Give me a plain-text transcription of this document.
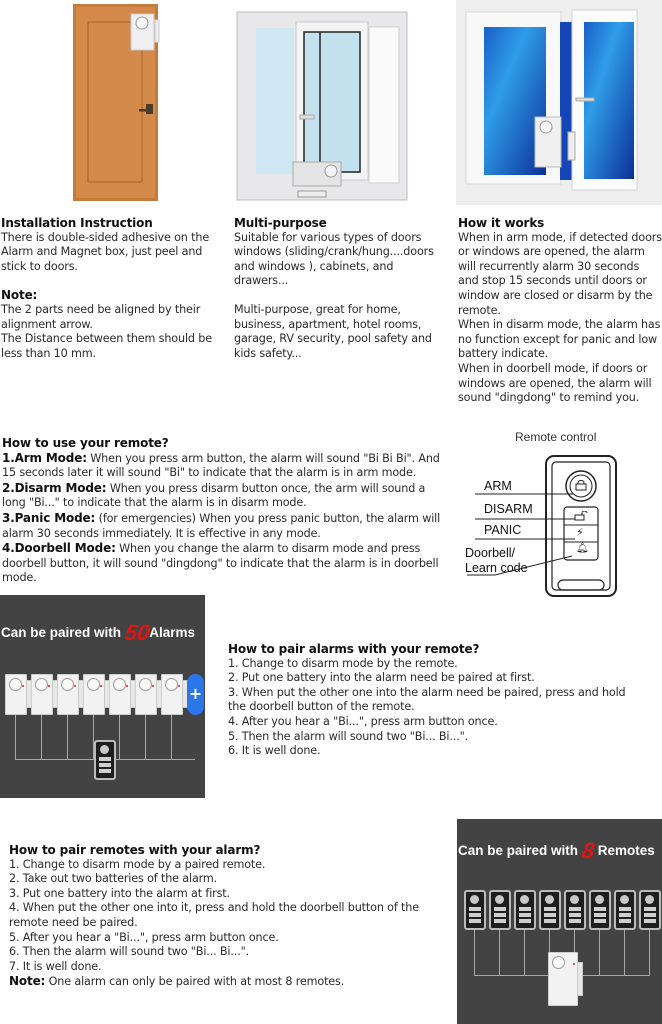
Installation Instruction

There is double-sided adhesive on the Alarm and Magnet box, just peel and stick to doors.

Note:

The 2 parts need be aligned by their alignment arrow.

The Distance between them should be less than 10 mm.

Multi-purpose

Suitable for various types of doors windows (sliding/crank/hung....doors and windows ), cabinets, and drawers...

Multi-purpose, great for home, business, apartment, hotel rooms, garage, RV security, pool safety and kids safety...

How it works

When in arm mode, if detected doors or windows are opened, the alarm will recurrently alarm 30 seconds and stop 15 seconds until doors or window are closed or disarm by the remote.

When in disarm mode, the alarm has no function except for panic and low battery indicate.

When in doorbell mode, if doors or windows are opened, the alarm will sound "dingdong" to remind you.

How to use your remote?

1.Arm Mode: When you press arm button, the alarm will sound "Bi Bi Bi". And 15 seconds later it will sound "Bi" to indicate that the alarm is in arm mode.

2.Disarm Mode: When you press disarm button once, the arm will sound a long "Bi..." to indicate that the alarm is in disarm mode.

3.Panic Mode: (for emergencies) When you press panic button, the alarm will alarm 30 seconds immediately. It is effective in any mode.

4.Doorbell Mode: When you change the alarm to disarm mode and press doorbell button, it will sound "dingdong" to indicate that the alarm is in doorbell mode.

Remote control
⚡
🔔︎
ARM
DISARM
PANIC
Doorbell/
Learn code
Can be paired with 50Alarms
+

How to pair alarms with your remote?

1. Change to disarm mode by the remote.

2. Put one battery into the alarm need be paired at first.

3. When put the other one into the alarm need be paired, press and hold the doorbell button of the remote.

4. After you hear a "Bi...", press arm button once.

5. Then the alarm will sound two "Bi... Bi...".

6. It is well done.

How to pair remotes with your alarm?

1. Change to disarm mode by a paired remote.

2. Take out two batteries of the alarm.

3. Put one battery into the alarm at first.

4. When put the other one into it, press and hold the doorbell button of the remote need be paired.

5. After you hear a "Bi...", press arm button once.

6. Then the alarm will sound two "Bi... Bi...".

7. It is well done.

Note: One alarm can only be paired with at most 8 remotes.

Can be paired with 8 Remotes
